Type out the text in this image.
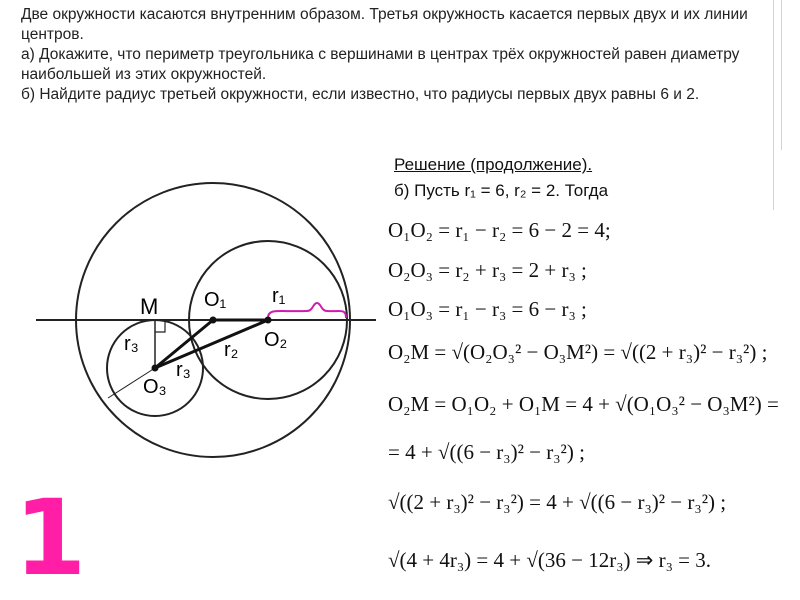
Две окружности касаются внутренним образом. Третья окружность касается первых двух и их линии центров.

а) Докажите, что периметр треугольника с вершинами в центрах трёх окружностей равен диаметру наибольшей из этих окружностей.

б) Найдите радиус третьей окружности, если известно, что радиусы первых двух равны 6 и 2.

M O₁
O₂
O₃
r₁
r₂
r₃
r₃
Решение (продолжение).
б) Пусть r₁ = 6, r₂ = 2. Тогда
O₁O₂ = r₁ − r₂ = 6 − 2 = 4;
O₂O₃ = r₂ + r₃ = 2 + r₃ ;
O₁O₃ = r₁ − r₃ = 6 − r₃ ;
O₂M = √(O₂O₃² − O₃M²) = √((2 + r₃)² − r₃²) ;
O₂M = O₁O₂ + O₁M = 4 + √(O₁O₃² − O₃M²) =
= 4 + √((6 − r₃)² − r₃²) ;
√((2 + r₃)² − r₃²) = 4 + √((6 − r₃)² − r₃²) ;
√(4 + 4r₃) = 4 + √(36 − 12r₃) ⇒ r₃ = 3.
1
